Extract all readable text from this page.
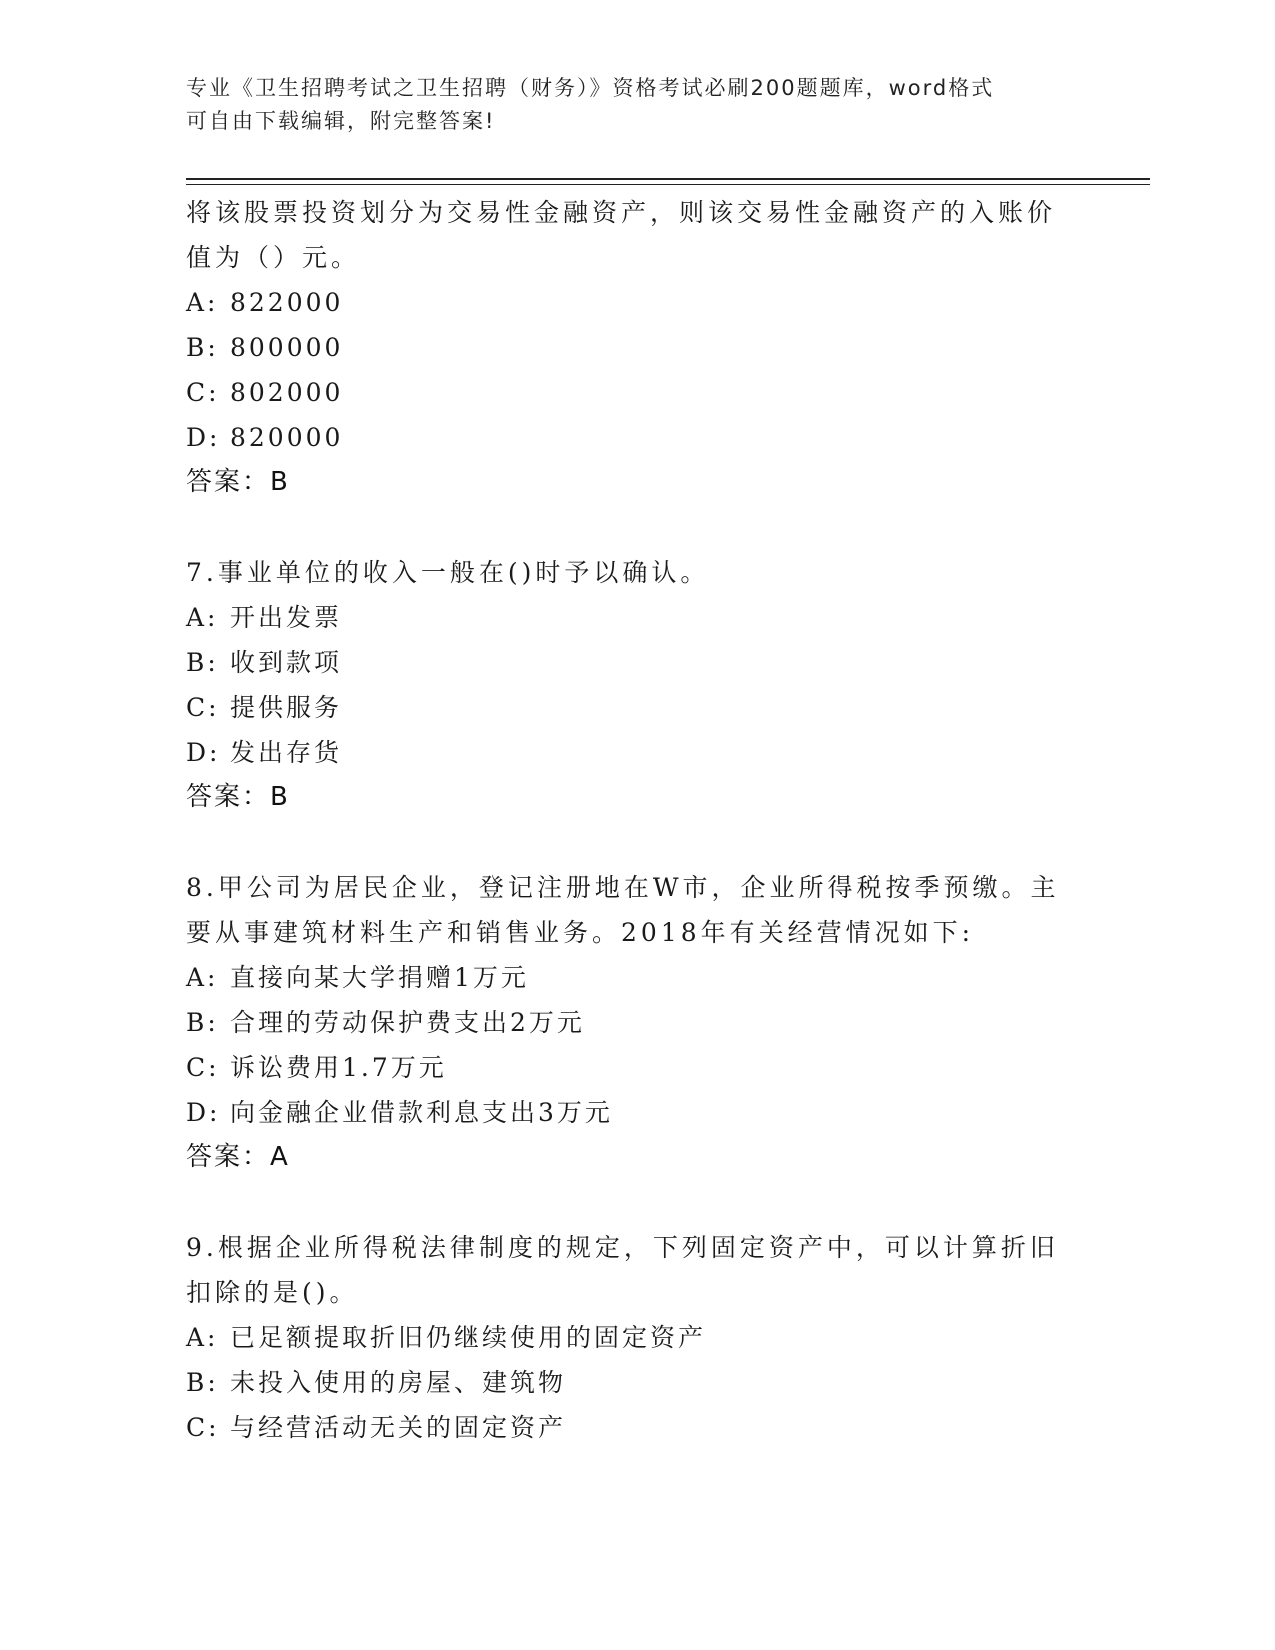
专业《卫生招聘考试之卫生招聘（财务）》资格考试必刷200题题库，word格式
可自由下载编辑，附完整答案!
将该股票投资划分为交易性金融资产，则该交易性金融资产的入账价
值为（）元。
A: 822000
B: 800000
C: 802000
D: 820000
答案：B
7.事业单位的收入一般在()时予以确认。
A: 开出发票
B: 收到款项
C: 提供服务
D: 发出存货
答案：B
8.甲公司为居民企业，登记注册地在W市，企业所得税按季预缴。主
要从事建筑材料生产和销售业务。2018年有关经营情况如下:
A: 直接向某大学捐赠1万元
B: 合理的劳动保护费支出2万元
C: 诉讼费用1.7万元
D: 向金融企业借款利息支出3万元
答案：A
9.根据企业所得税法律制度的规定，下列固定资产中，可以计算折旧
扣除的是()。
A: 已足额提取折旧仍继续使用的固定资产
B: 未投入使用的房屋、建筑物
C: 与经营活动无关的固定资产
